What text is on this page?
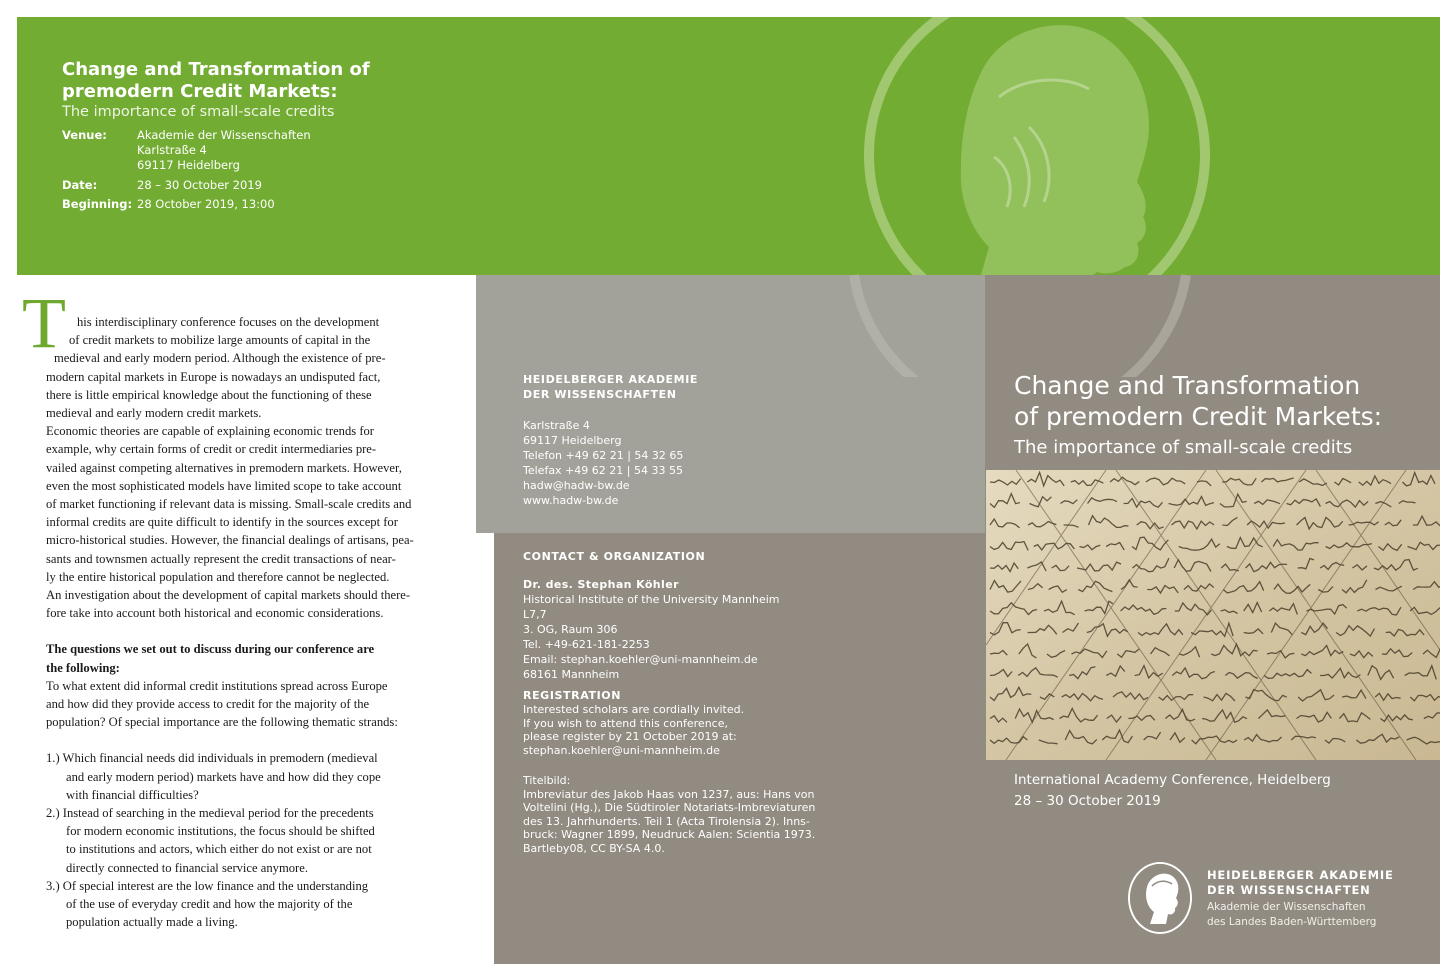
Change and Transformation of
premodern Credit Markets:
The importance of small-scale credits
Venue:	Akademie der Wissenschaften
Karlstraße 4
69117 Heidelberg
Date:	28 – 30 October 2019
Beginning: 28 October 2019, 13:00
T his interdisciplinary conference focuses on the development
of credit markets to mobilize large amounts of capital in the
medieval and early modern period. Although the existence of pre-
modern capital markets in Europe is nowadays an undisputed fact,
there is little empirical knowledge about the functioning of these
medieval and early modern credit markets.
Economic theories are capable of explaining economic trends for
example, why certain forms of credit or credit intermediaries pre-
vailed against competing alternatives in premodern markets. However,
even the most sophisticated models have limited scope to take account
of market functioning if relevant data is missing. Small-scale credits and
informal credits are quite difficult to identify in the sources except for
micro-historical studies. However, the financial dealings of artisans, pea-
sants and townsmen actually represent the credit transactions of near-
ly the entire historical population and therefore cannot be neglected.
An investigation about the development of capital markets should there-
fore take into account both historical and economic considerations.
The questions we set out to discuss during our conference are
the following:
To what extent did informal credit institutions spread across Europe
and how did they provide access to credit for the majority of the
population? Of special importance are the following thematic strands:
1.) Which financial needs did individuals in premodern (medieval
and early modern period) markets have and how did they cope
with financial difficulties?
2.) Instead of searching in the medieval period for the precedents
for modern economic institutions, the focus should be shifted
to institutions and actors, which either do not exist or are not
directly connected to financial service anymore.
3.) Of special interest are the low finance and the understanding
of the use of everyday credit and how the majority of the
population actually made a living.
HEIDELBERGER AKADEMIE
DER WISSENSCHAFTEN
Karlstraße 4
69117 Heidelberg
Telefon +49 62 21 | 54 32 65
Telefax +49 62 21 | 54 33 55
hadw@hadw-bw.de
www.hadw-bw.de
CONTACT & ORGANIZATION
Dr. des. Stephan Köhler
Historical Institute of the University Mannheim
L7,7
3. OG, Raum 306
Tel. +49-621-181-2253
Email: stephan.koehler@uni-mannheim.de
68161 Mannheim
REGISTRATION
Interested scholars are cordially invited.
If you wish to attend this conference,
please register by 21 October 2019 at:
stephan.koehler@uni-mannheim.de
Titelbild:
Imbreviatur des Jakob Haas von 1237, aus: Hans von
Voltelini (Hg.), Die Südtiroler Notariats-Imbreviaturen
des 13. Jahrhunderts. Teil 1 (Acta Tirolensia 2). Inns-
bruck: Wagner 1899, Neudruck Aalen: Scientia 1973.
Bartleby08, CC BY-SA 4.0.
Change and Transformation
of premodern Credit Markets:
The importance of small-scale credits
International Academy Conference, Heidelberg
28 – 30 October 2019
HEIDELBERGER AKADEMIE
DER WISSENSCHAFTEN
Akademie der Wissenschaften
des Landes Baden-Württemberg
